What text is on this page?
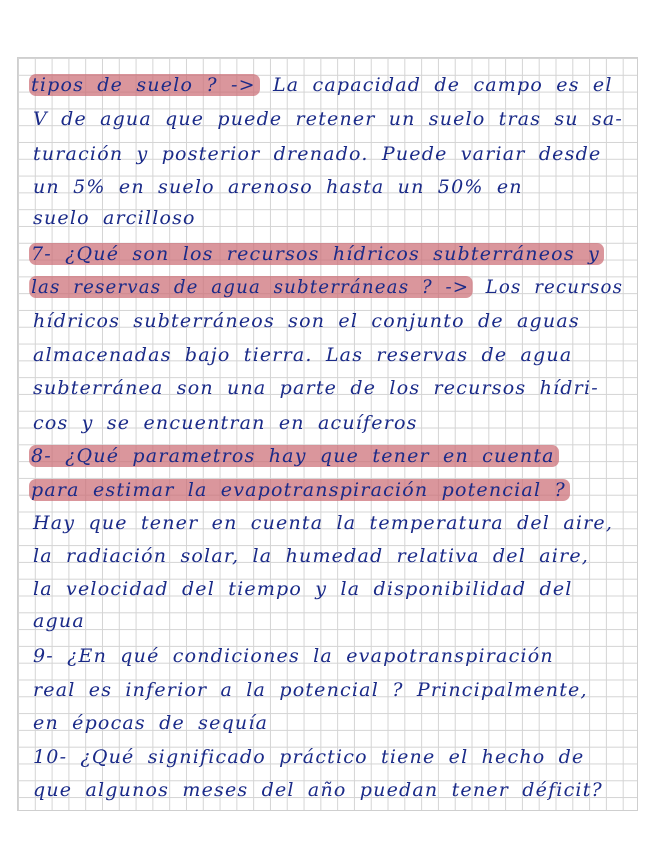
tipos de suelo ? -> La capacidad de campo es el
V de agua que puede retener un suelo tras su sa-
turación y posterior drenado. Puede variar desde
un 5% en suelo arenoso hasta un 50% en
suelo arcilloso
7- ¿Qué son los recursos hídricos subterráneos y
las reservas de agua subterráneas ? -> Los recursos
hídricos subterráneos son el conjunto de aguas
almacenadas bajo tierra. Las reservas de agua
subterránea son una parte de los recursos hídri-
cos y se encuentran en acuíferos
8- ¿Qué parametros hay que tener en cuenta
para estimar la evapotranspiración potencial ?
Hay que tener en cuenta la temperatura del aire,
la radiación solar, la humedad relativa del aire,
la velocidad del tiempo y la disponibilidad del
agua
9- ¿En qué condiciones la evapotranspiración
real es inferior a la potencial ? Principalmente,
en épocas de sequía
10- ¿Qué significado práctico tiene el hecho de
que algunos meses del año puedan tener déficit?
